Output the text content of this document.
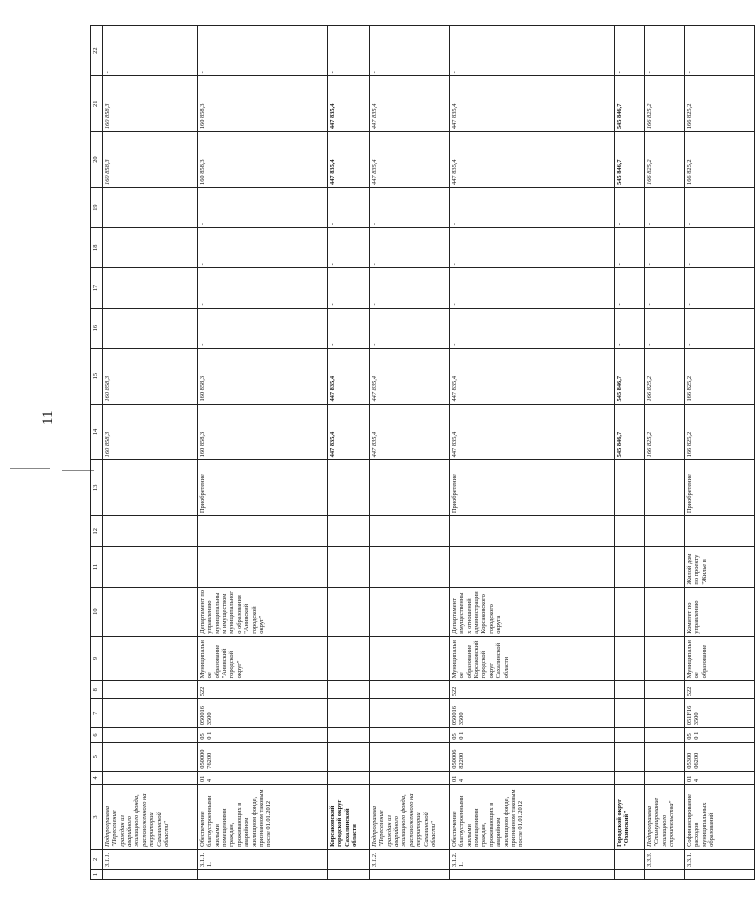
11
1	2	3	4	5	6	7	8	9	10	11	12	13	14	15	16	17	18	19	20	21	22
	3.1.1.	Подпрограмма "Переселение граждан из аварийного жилищного фонда, расположенного на территории Сахалинской области"											160 858,3	160 858,3					160 858,3	160 858,3	-
	3.1.1.1.	Обеспечение благоустроенными жилыми помещениями граждан, проживающих в аварийном жилищном фонде, признанном таковым после 01.01.2012	014	050000 76200	050 1	050016 3500	522	Муниципальное образование "Анивский городской округ"	Департамент по управлению муниципальным имуществом муниципального образования "Анивский городской округ"			Приобретение	160 858,3	160 858,3	-	-	-	-	160 858,3	160 858,3	-
		Корсаковский городской округ Сахалинской области											447 835,4	447 835,4	-	-	-	-	447 835,4	447 835,4	-
	3.1.2.	Подпрограмма "Переселение граждан из аварийного жилищного фонда, расположенного на территории Сахалинской области"											447 835,4	447 835,4	-	-	-	-	447 835,4	447 835,4	-
	3.1.2.1.	Обеспечение благоустроенными жилыми помещениями граждан, проживающих в аварийном жилищном фонде, признанном таковым после 01.01.2012	014	050006 82200	050 1	050016 3500	522	Муниципальное образование Корсаковский городской округ Сахалинской области	Департамент имущественных отношений администрации Корсаковского городского округа			Приобретение	447 835,4	447 835,4	-	-	-	-	447 835,4	447 835,4	-
		Городской округ "Охинский"											545 846,7	545 846,7	-	-	-	-	545 846,7	545 846,7	-
	3.3.3.	Подпрограмма "Стимулирование жилищного строительства"											166 825,2	166 825,2	-	-	-	-	166 825,2	166 825,2	-
	3.3.1.	Софинансирование расходов муниципальных образований	014	05300 06200	050 1	051F16 3500	522	Муниципальное образование	Комитет по управлению	Жилой дом по проекту "Жилье в		Приобретение	166 825,2	166 825,2	-	-	-	-	166 825,2	166 825,2	-
